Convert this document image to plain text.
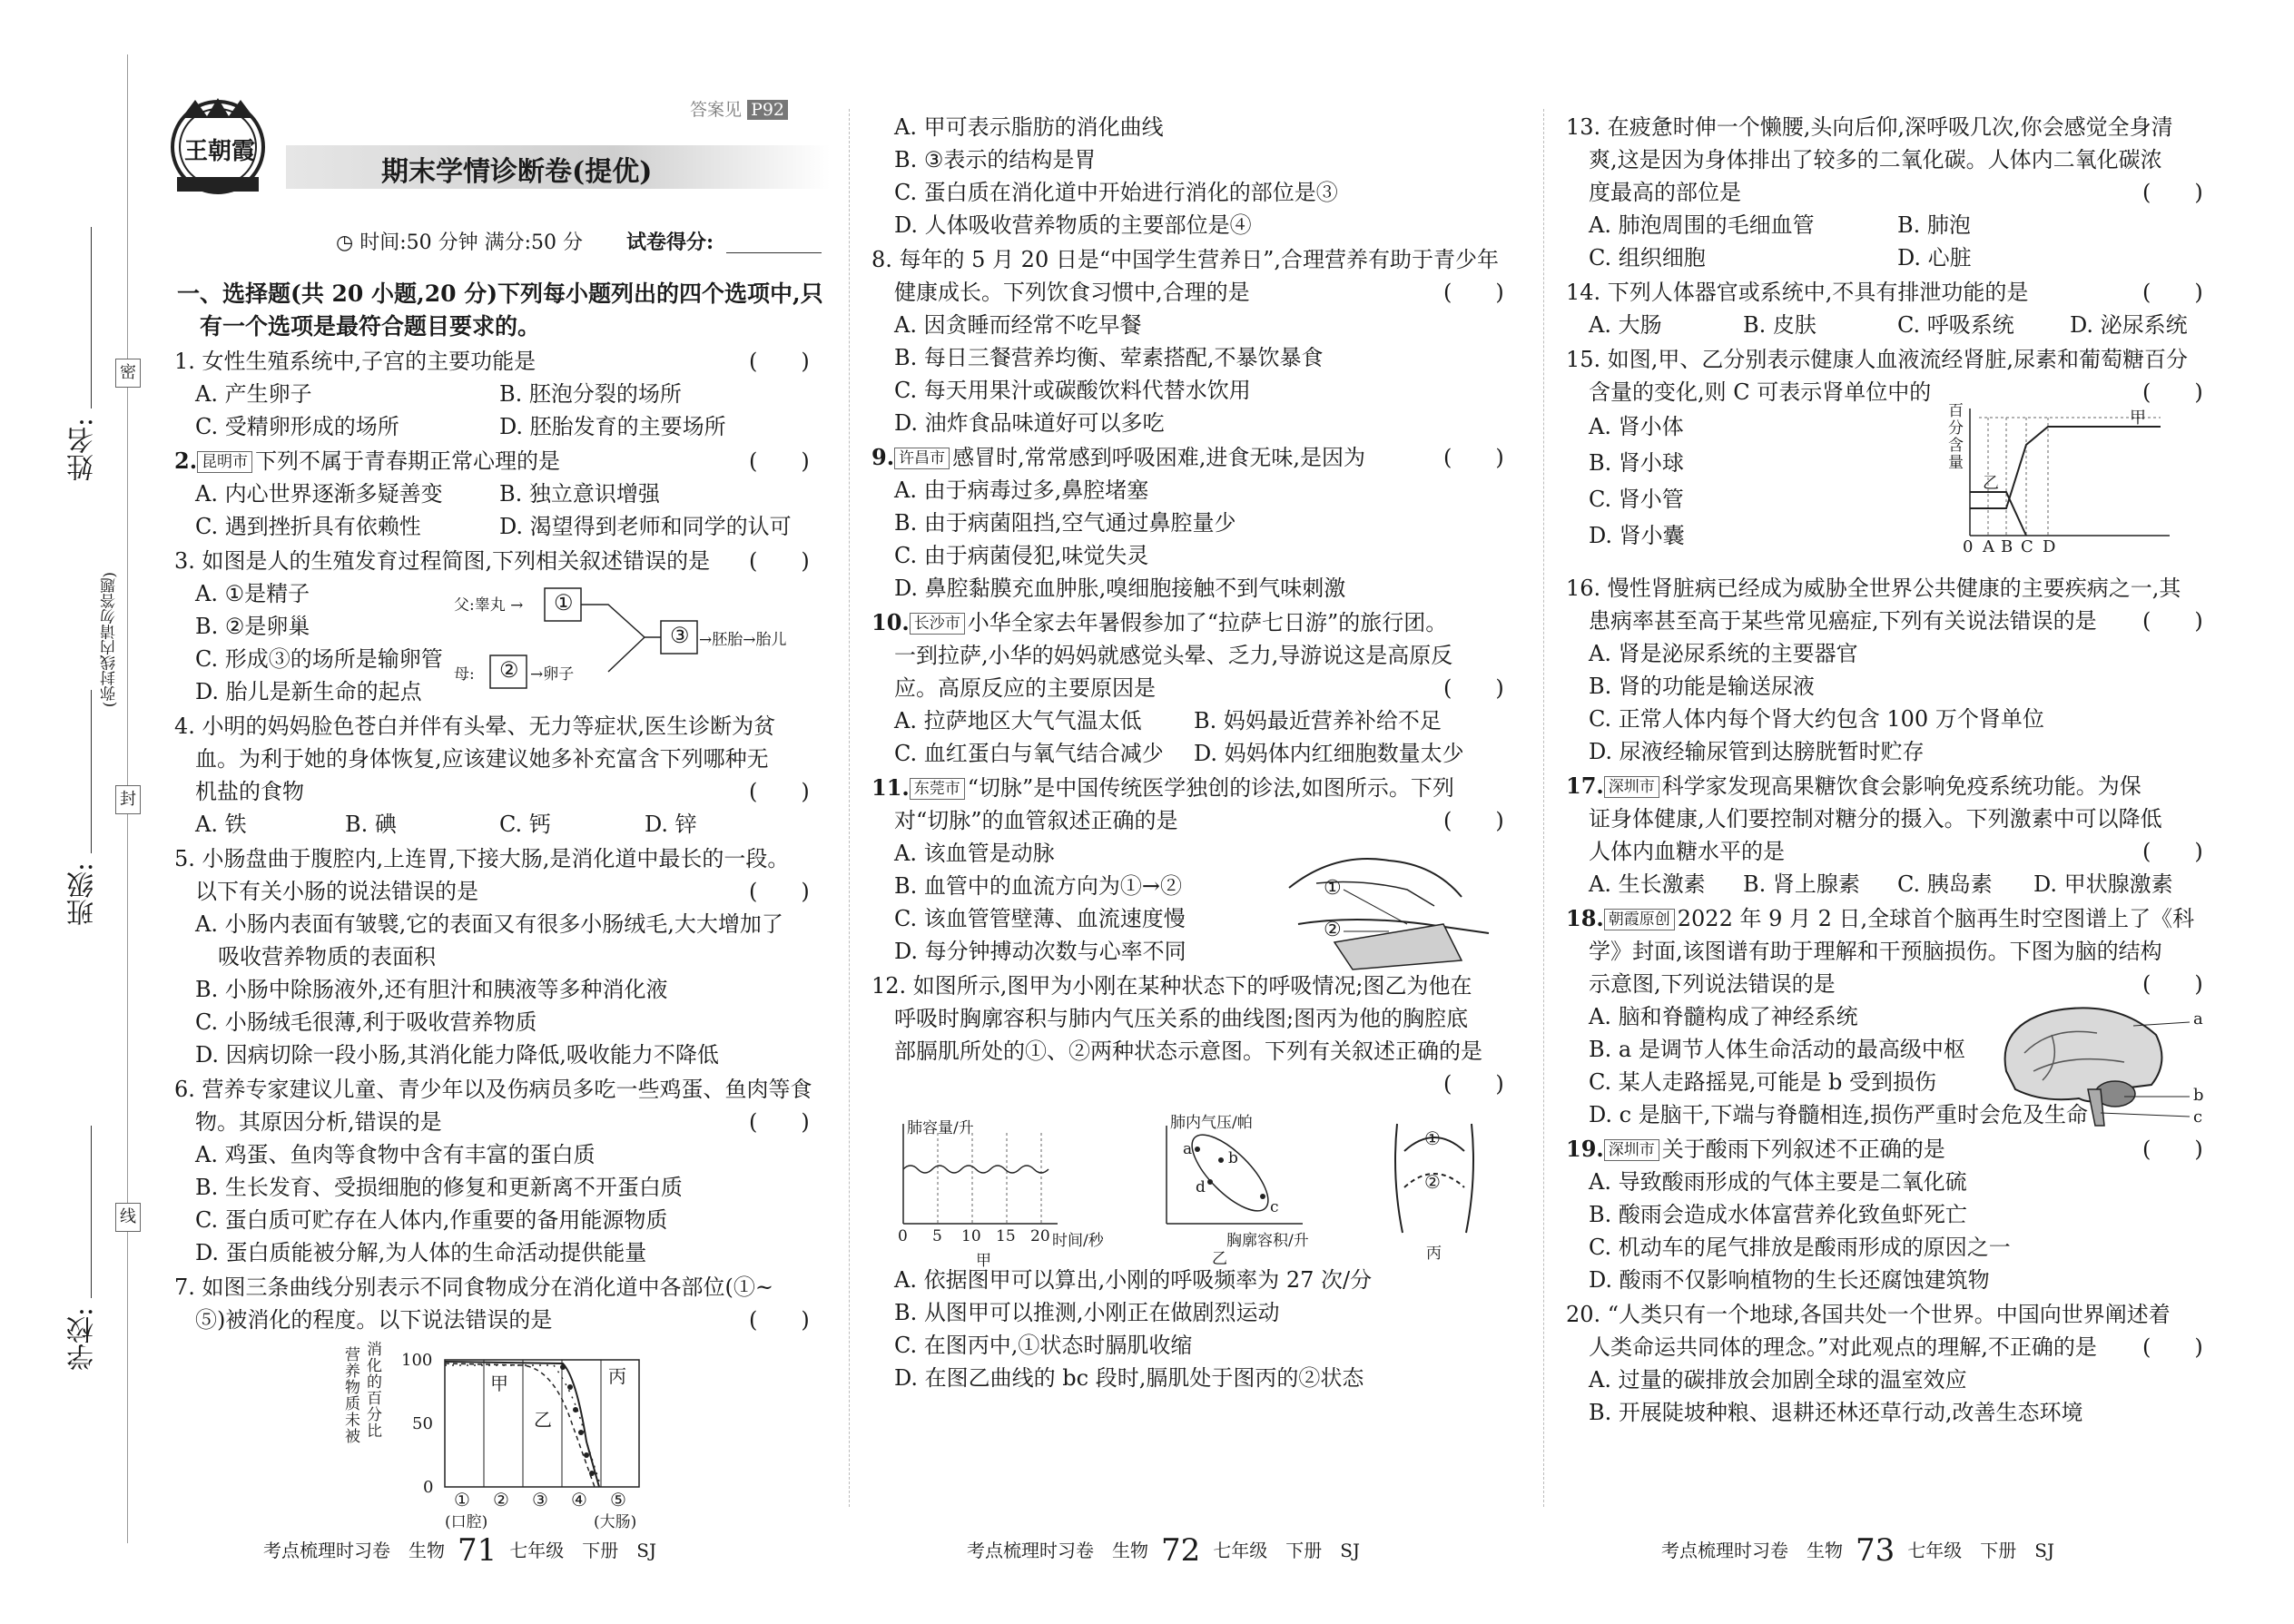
姓名:
班级:
学校:
(弥封线内请勿答题)
密
封
线
王朝霞
答案见 P92
期末学情诊断卷(提优)
◷ 时间:50 分钟 满分:50 分 试卷得分:
一、选择题(共 20 小题,20 分)下列每小题列出的四个选项中,只
有一个选项是最符合题目要求的。
1. 女性生殖系统中,子宫的主要功能是	(　　)
A. 产生卵子	B. 胚泡分裂的场所
C. 受精卵形成的场所	D. 胚胎发育的主要场所
2. 昆明市 下列不属于青春期正常心理的是	(　　)
A. 内心世界逐渐多疑善变	B. 独立意识增强
C. 遇到挫折具有依赖性	D. 渴望得到老师和同学的认可
3. 如图是人的生殖发育过程简图,下列相关叙述错误的是 (　　)
A. ①是精子
B. ②是卵巢
C. 形成③的场所是输卵管
D. 胎儿是新生命的起点
父:睾丸 → ①
母: ② →卵子
③ →胚胎→胎儿
4. 小明的妈妈脸色苍白并伴有头晕、无力等症状,医生诊断为贫
血。为利于她的身体恢复,应该建议她多补充富含下列哪种无
机盐的食物	(　　)
A. 铁	B. 碘	C. 钙	D. 锌
5. 小肠盘曲于腹腔内,上连胃,下接大肠,是消化道中最长的一段。
以下有关小肠的说法错误的是	(　　)
A. 小肠内表面有皱襞,它的表面又有很多小肠绒毛,大大增加了
吸收营养物质的表面积
B. 小肠中除肠液外,还有胆汁和胰液等多种消化液
C. 小肠绒毛很薄,利于吸收营养物质
D. 因病切除一段小肠,其消化能力降低,吸收能力不降低
6. 营养专家建议儿童、青少年以及伤病员多吃一些鸡蛋、鱼肉等食
物。其原因分析,错误的是	(　　)
A. 鸡蛋、鱼肉等食物中含有丰富的蛋白质
B. 生长发育、受损细胞的修复和更新离不开蛋白质
C. 蛋白质可贮存在人体内,作重要的备用能源物质
D. 蛋白质能被分解,为人体的生命活动提供能量
7. 如图三条曲线分别表示不同食物成分在消化道中各部位(①~
⑤)被消化的程度。以下说法错误的是	(　　)
营养物质未被
消化的百分比
100
50
0
甲
乙
丙
① ② ③ ④ ⑤
(口腔)	(大肠)
考点梳理时习卷　生物 71 七年级　下册　SJ
A. 甲可表示脂肪的消化曲线
B. ③表示的结构是胃
C. 蛋白质在消化道中开始进行消化的部位是③
D. 人体吸收营养物质的主要部位是④
8. 每年的 5 月 20 日是“中国学生营养日”,合理营养有助于青少年
健康成长。下列饮食习惯中,合理的是	(　　)
A. 因贪睡而经常不吃早餐
B. 每日三餐营养均衡、荤素搭配,不暴饮暴食
C. 每天用果汁或碳酸饮料代替水饮用
D. 油炸食品味道好可以多吃
9. 许昌市 感冒时,常常感到呼吸困难,进食无味,是因为	(　　)
A. 由于病毒过多,鼻腔堵塞
B. 由于病菌阻挡,空气通过鼻腔量少
C. 由于病菌侵犯,味觉失灵
D. 鼻腔黏膜充血肿胀,嗅细胞接触不到气味刺激
10. 长沙市 小华全家去年暑假参加了“拉萨七日游”的旅行团。
一到拉萨,小华的妈妈就感觉头晕、乏力,导游说这是高原反
应。高原反应的主要原因是	(　　)
A. 拉萨地区大气气温太低 B. 妈妈最近营养补给不足
C. 血红蛋白与氧气结合减少 D. 妈妈体内红细胞数量太少
11. 东莞市 “切脉”是中国传统医学独创的诊法,如图所示。下列
对“切脉”的血管叙述正确的是	(　　)
A. 该血管是动脉
B. 血管中的血流方向为①→②
C. 该血管管壁薄、血流速度慢
D. 每分钟搏动次数与心率不同
①
②
12. 如图所示,图甲为小刚在某种状态下的呼吸情况;图乙为他在
呼吸时胸廓容积与肺内气压关系的曲线图;图丙为他的胸腔底
部膈肌所处的①、②两种状态示意图。下列有关叙述正确的是
(　　)
肺容量/升
0 5 10 15 20 时间/秒
甲
肺内气压/帕
a b
c
d
胸廓容积/升
乙
①
②
丙
A. 依据图甲可以算出,小刚的呼吸频率为 27 次/分
B. 从图甲可以推测,小刚正在做剧烈运动
C. 在图丙中,①状态时膈肌收缩
D. 在图乙曲线的 bc 段时,膈肌处于图丙的②状态
考点梳理时习卷　生物 72 七年级　下册　SJ
13. 在疲惫时伸一个懒腰,头向后仰,深呼吸几次,你会感觉全身清
爽,这是因为身体排出了较多的二氧化碳。人体内二氧化碳浓
度最高的部位是	(　　)
A. 肺泡周围的毛细血管	B. 肺泡
C. 组织细胞	D. 心脏
14. 下列人体器官或系统中,不具有排泄功能的是	(　　)
A. 大肠	B. 皮肤	C. 呼吸系统	D. 泌尿系统
15. 如图,甲、乙分别表示健康人血液流经肾脏,尿素和葡萄糖百分
含量的变化,则 C 可表示肾单位中的	(　　)
A. 肾小体
B. 肾小球
C. 肾小管
D. 肾小囊
百分含量
甲
乙
0 A B C D
16. 慢性肾脏病已经成为威胁全世界公共健康的主要疾病之一,其
患病率甚至高于某些常见癌症,下列有关说法错误的是 (　　)
A. 肾是泌尿系统的主要器官
B. 肾的功能是输送尿液
C. 正常人体内每个肾大约包含 100 万个肾单位
D. 尿液经输尿管到达膀胱暂时贮存
17. 深圳市 科学家发现高果糖饮食会影响免疫系统功能。为保
证身体健康,人们要控制对糖分的摄入。下列激素中可以降低
人体内血糖水平的是	(　　)
A. 生长激素 B. 肾上腺素 C. 胰岛素 D. 甲状腺激素
18. 朝霞原创 2022 年 9 月 2 日,全球首个脑再生时空图谱上了《科
学》封面,该图谱有助于理解和干预脑损伤。下图为脑的结构
示意图,下列说法错误的是	(　　)
A. 脑和脊髓构成了神经系统
B. a 是调节人体生命活动的最高级中枢
C. 某人走路摇晃,可能是 b 受到损伤
D. c 是脑干,下端与脊髓相连,损伤严重时会危及生命
a
b
c
19. 深圳市 关于酸雨下列叙述不正确的是	(　　)
A. 导致酸雨形成的气体主要是二氧化硫
B. 酸雨会造成水体富营养化致鱼虾死亡
C. 机动车的尾气排放是酸雨形成的原因之一
D. 酸雨不仅影响植物的生长还腐蚀建筑物
20. “人类只有一个地球,各国共处一个世界。中国向世界阐述着
人类命运共同体的理念。”对此观点的理解,不正确的是 (　　)
A. 过量的碳排放会加剧全球的温室效应
B. 开展陡坡种粮、退耕还林还草行动,改善生态环境
考点梳理时习卷　生物 73 七年级　下册　SJ
